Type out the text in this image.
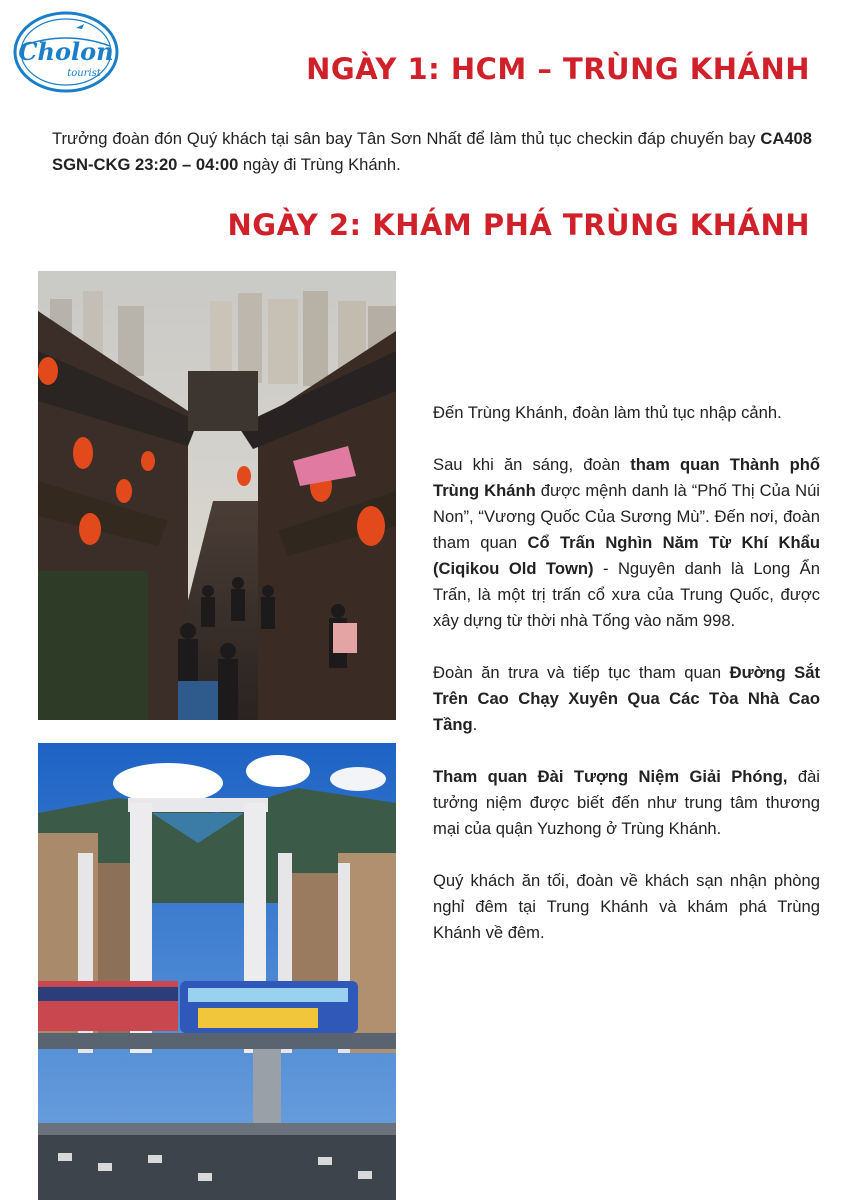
Cholon
tourist	NGÀY 1: HCM – TRÙNG KHÁNH

Trưởng đoàn đón Quý khách tại sân bay Tân Sơn Nhất để làm thủ tục checkin đáp chuyến bay CA408 SGN-CKG 23:20 – 04:00 ngày đi Trùng Khánh.

NGÀY 2: KHÁM PHÁ TRÙNG KHÁNH

Đến Trùng Khánh, đoàn làm thủ tục nhập cảnh.

Sau khi ăn sáng, đoàn tham quan Thành phố Trùng Khánh được mệnh danh là “Phố Thị Của Núi Non”, “Vương Quốc Của Sương Mù”. Đến nơi, đoàn tham quan Cổ Trấn Nghìn Năm Từ Khí Khẩu (Ciqikou Old Town) - Nguyên danh là Long Ẩn Trấn, là một trị trấn cổ xưa của Trung Quốc, được xây dựng từ thời nhà Tống vào năm 998.

Đoàn ăn trưa và tiếp tục tham quan Đường Sắt Trên Cao Chạy Xuyên Qua Các Tòa Nhà Cao Tầng.

Tham quan Đài Tượng Niệm Giải Phóng, đài tưởng niệm được biết đến như trung tâm thương mại của quận Yuzhong ở Trùng Khánh.

Quý khách ăn tối, đoàn về khách sạn nhận phòng nghỉ đêm tại Trung Khánh và khám phá Trùng Khánh về đêm.
